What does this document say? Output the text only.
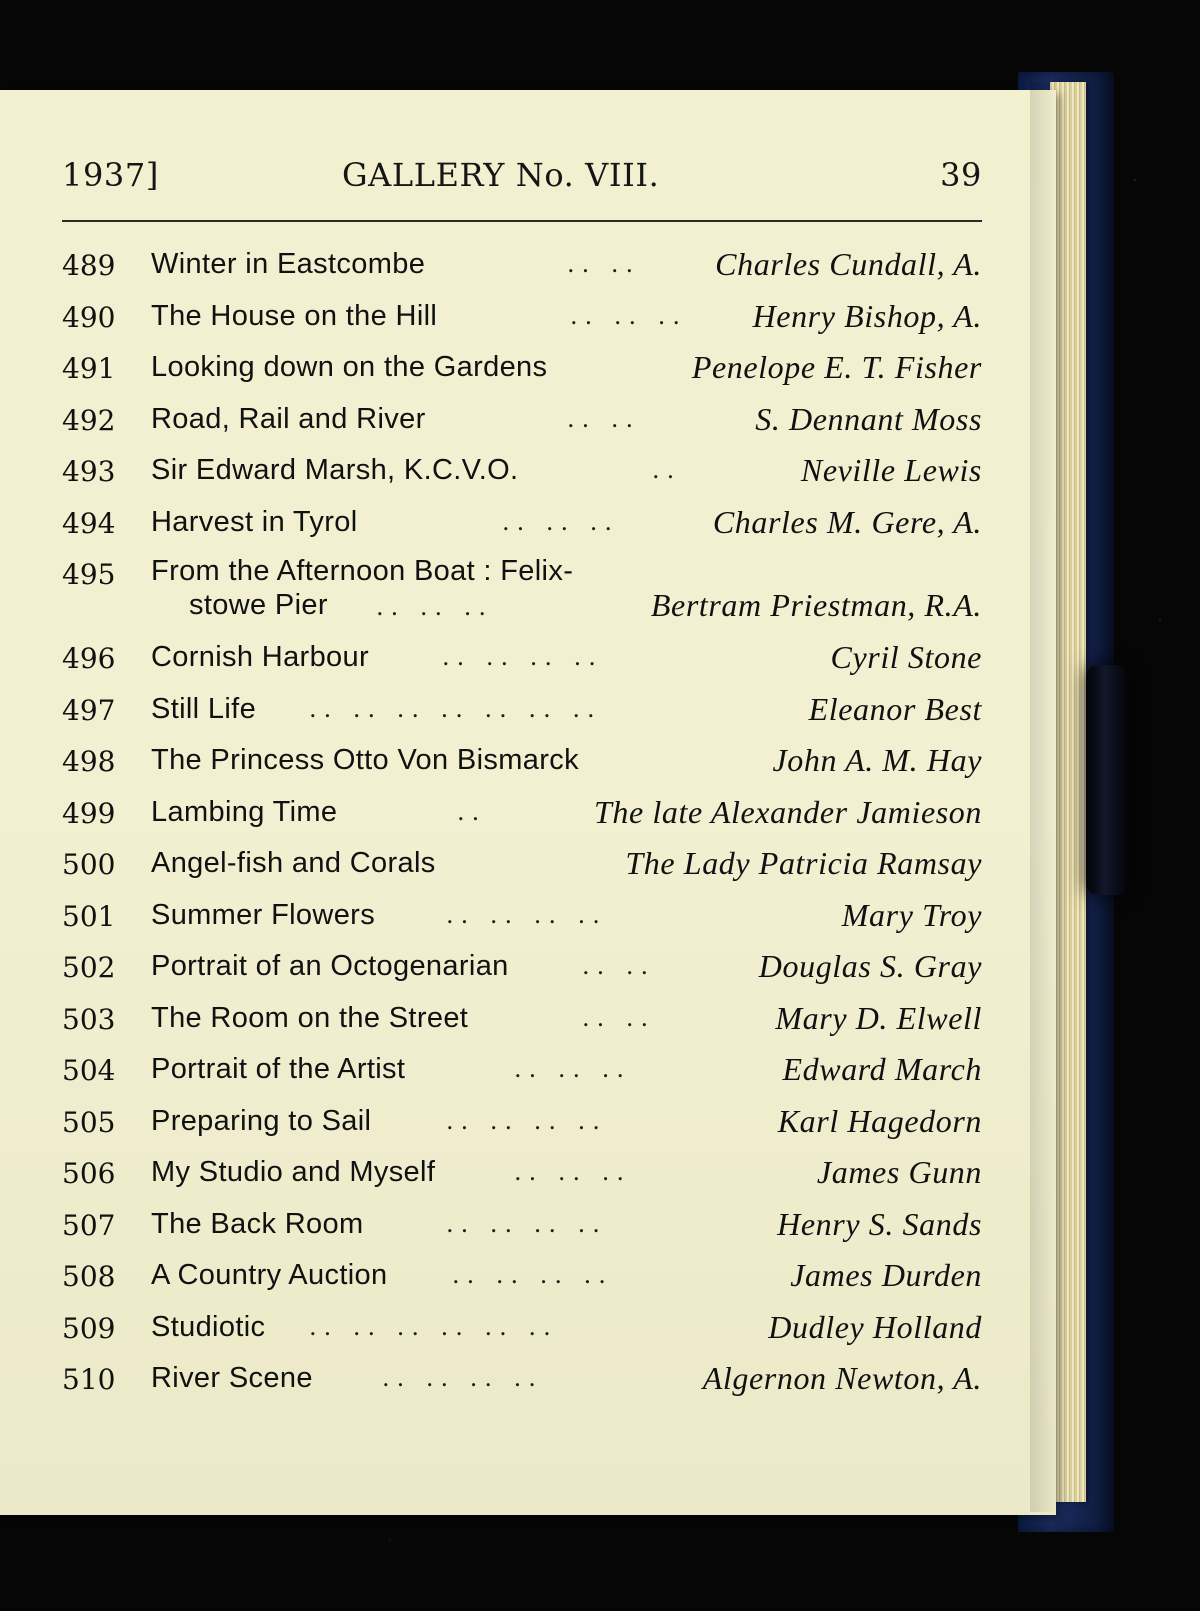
1937]	GALLERY No. VIII.	39
489	Winter in Eastcombe	.. .. Charles Cundall, A.
490	The House on the Hill	.. .. .. Henry Bishop, A.
491	Looking down on the Gardens	Penelope E. T. Fisher
492	Road, Rail and River	.. ..	S. Dennant Moss
493	Sir Edward Marsh, K.C.V.O.	..	Neville Lewis
494	Harvest in Tyrol	.. .. ..	Charles M. Gere, A.
495	From the Afternoon Boat : Felix-
stowe Pier .. .. ..	Bertram Priestman, R.A.
496	Cornish Harbour	.. .. .. ..	Cyril Stone
497	Still Life .. .. .. .. .. .. ..	Eleanor Best
498	The Princess Otto Von Bismarck	John A. M. Hay
499	Lambing Time	..	The late Alexander Jamieson
500	Angel-fish and Corals	The Lady Patricia Ramsay
501	Summer Flowers	.. .. .. ..	Mary Troy
502	Portrait of an Octogenarian	.. ..	Douglas S. Gray
503	The Room on the Street	.. ..	Mary D. Elwell
504	Portrait of the Artist	.. .. ..	Edward March
505	Preparing to Sail	.. .. .. ..	Karl Hagedorn
506	My Studio and Myself	.. .. ..	James Gunn
507	The Back Room	.. .. .. ..	Henry S. Sands
508	A Country Auction	.. .. .. ..	James Durden
509	Studiotic .. .. .. .. .. ..	Dudley Holland
510	River Scene	.. .. .. ..	Algernon Newton, A.
